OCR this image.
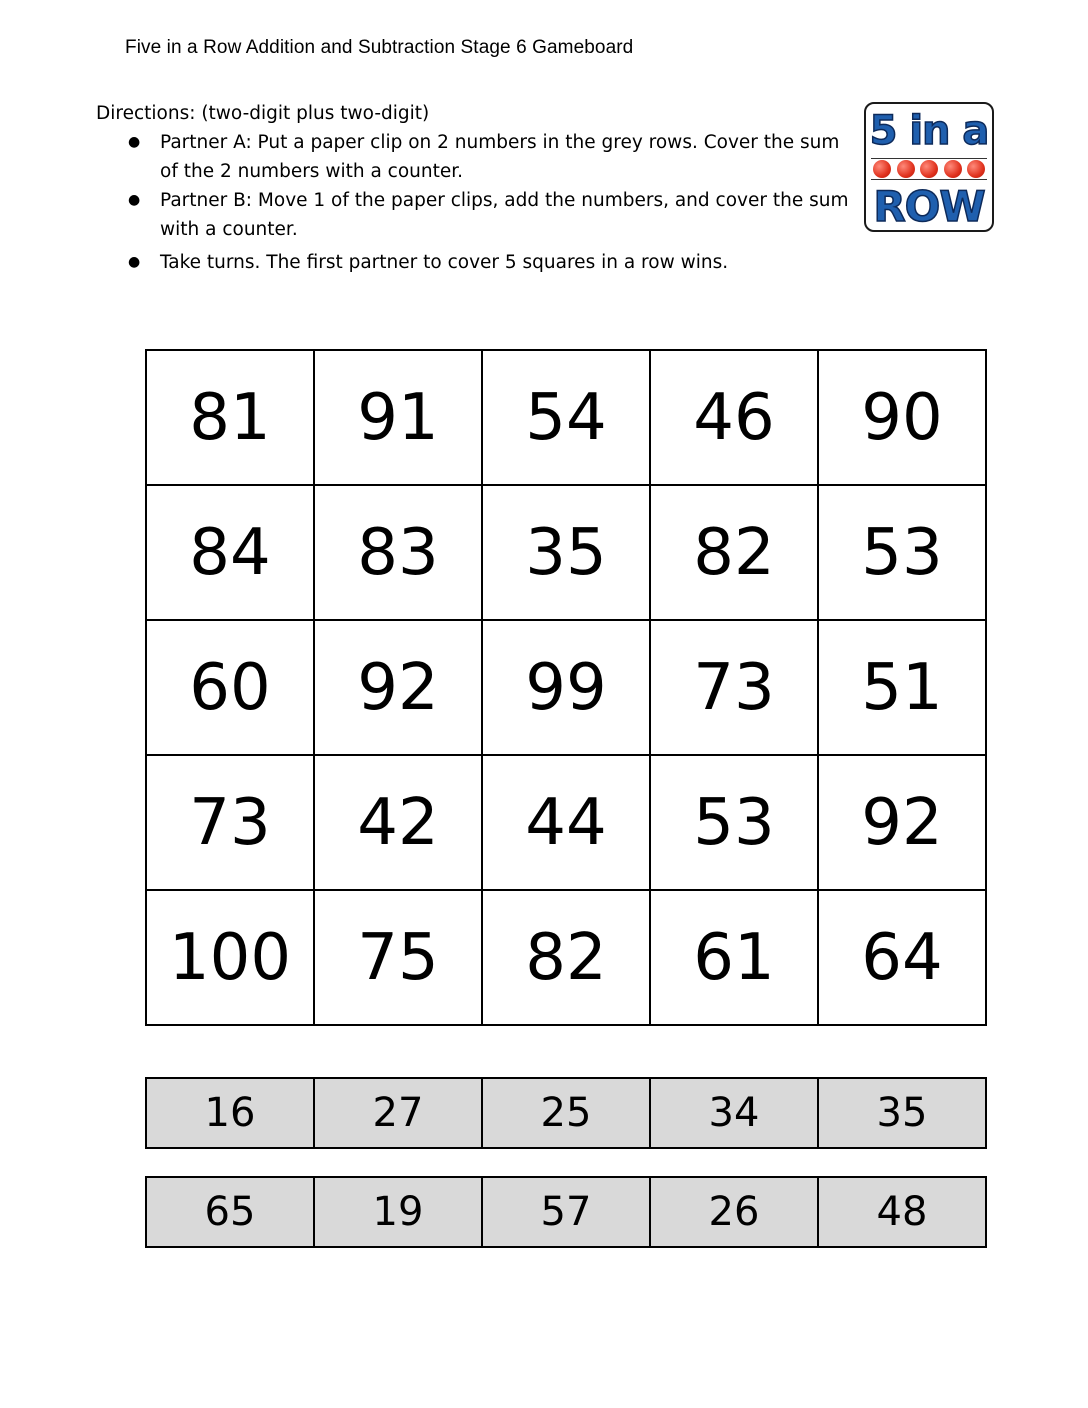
Five in a Row Addition and Subtraction Stage 6 Gameboard

Directions: (two-digit plus two-digit)

● Partner A: Put a paper clip on 2 numbers in the grey rows. Cover the sum of the 2 numbers with a counter.
● Partner B: Move 1 of the paper clips, add the numbers, and cover the sum with a counter.
● Take turns. The first partner to cover 5 squares in a row wins.
5 in a
ROW
81	91	54	46	90
84	83	35	82	53
60	92	99	73	51
73	42	44	53	92
100	75	82	61	64
16	27	25	34	35
65	19	57	26	48
